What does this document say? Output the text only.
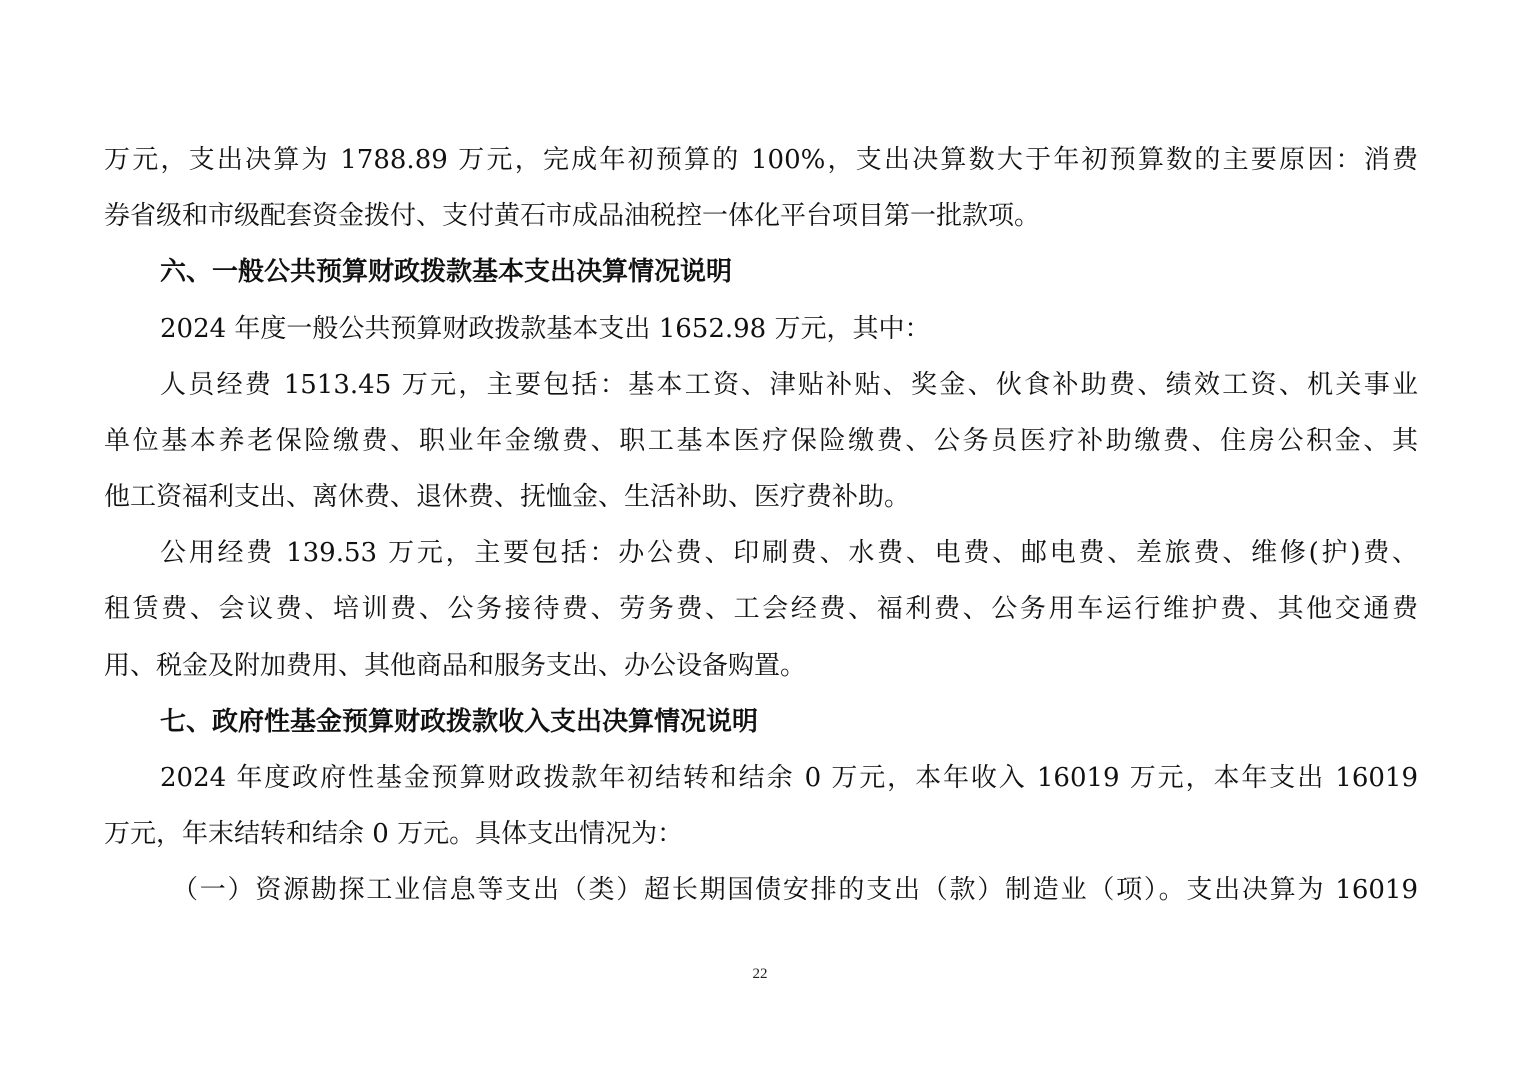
万元，支出决算为 1788.89 万元，完成年初预算的 100%，支出决算数大于年初预算数的主要原因：消费
券省级和市级配套资金拨付、支付黄石市成品油税控一体化平台项目第一批款项。
六、一般公共预算财政拨款基本支出决算情况说明
2024 年度一般公共预算财政拨款基本支出 1652.98 万元，其中：
人员经费 1513.45 万元，主要包括：基本工资、津贴补贴、奖金、伙食补助费、绩效工资、机关事业
单位基本养老保险缴费、职业年金缴费、职工基本医疗保险缴费、公务员医疗补助缴费、住房公积金、其
他工资福利支出、离休费、退休费、抚恤金、生活补助、医疗费补助。
公用经费 139.53 万元，主要包括：办公费、印刷费、水费、电费、邮电费、差旅费、维修(护)费、
租赁费、会议费、培训费、公务接待费、劳务费、工会经费、福利费、公务用车运行维护费、其他交通费
用、税金及附加费用、其他商品和服务支出、办公设备购置。
七、政府性基金预算财政拨款收入支出决算情况说明
2024 年度政府性基金预算财政拨款年初结转和结余 0 万元，本年收入 16019 万元，本年支出 16019
万元，年末结转和结余 0 万元。具体支出情况为：
（一）资源勘探工业信息等支出（类）超长期国债安排的支出（款）制造业（项）。支出决算为 16019
22
